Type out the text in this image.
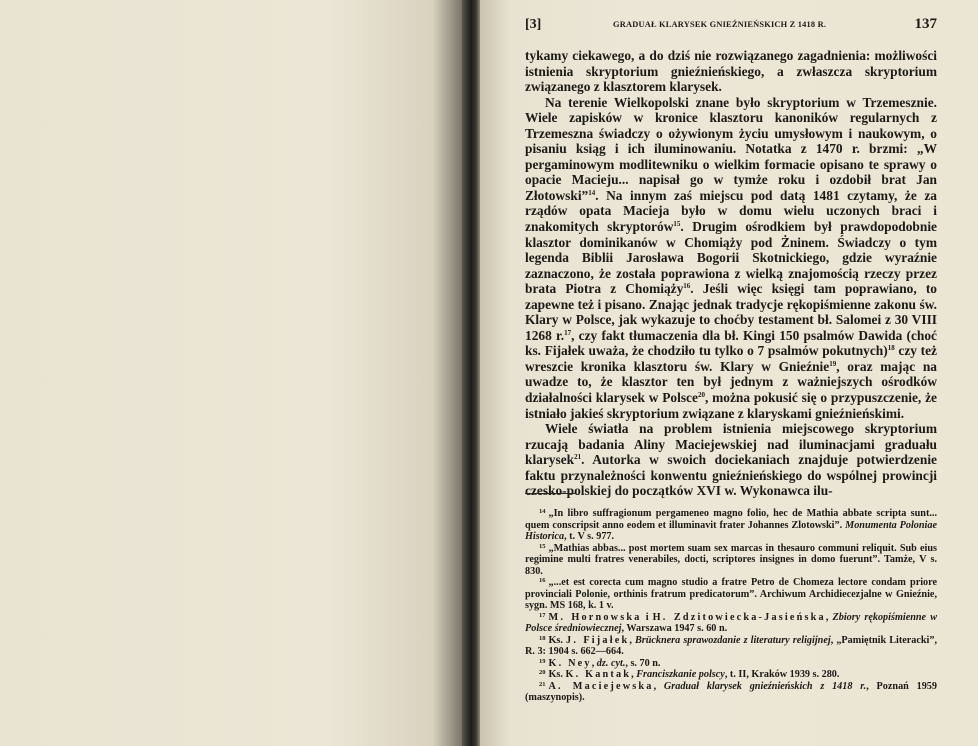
[3]	GRADUAŁ KLARYSEK GNIEŹNIEŃSKICH Z 1418 R.	137

tykamy ciekawego, a do dziś nie rozwiązanego zagadnienia: możliwości istnienia skryptorium gnieźnieńskiego, a zwłaszcza skryptorium związanego z klasztorem klarysek.

Na terenie Wielkopolski znane było skryptorium w Trzemesznie. Wiele zapisków w kronice klasztoru kanoników regularnych z Trzemeszna świadczy o ożywionym życiu umysłowym i naukowym, o pisaniu ksiąg i ich iluminowaniu. Notatka z 1470 r. brzmi: „W pergaminowym modlitewniku o wielkim formacie opisano te sprawy o opacie Macieju... napisał go w tymże roku i ozdobił brat Jan Złotowski”$^{14}$. Na innym zaś miejscu pod datą 1481 czytamy, że za rządów opata Macieja było w domu wielu uczonych braci i znakomitych skryptorów$^{15}$. Drugim ośrodkiem był prawdopodobnie klasztor dominikanów w Chomiąży pod Żninem. Świadczy o tym legenda Biblii Jarosława Bogorii Skotnickiego, gdzie wyraźnie zaznaczono, że została poprawiona z wielką znajomością rzeczy przez brata Piotra z Chomiąży$^{16}$. Jeśli więc księgi tam poprawiano, to zapewne też i pisano. Znając jednak tradycje rękopiśmienne zakonu św. Klary w Polsce, jak wykazuje to choćby testament bł. Salomei z 30 VIII 1268 r.$^{17}$, czy fakt tłumaczenia dla bł. Kingi 150 psalmów Dawida (choć ks. Fijałek uważa, że chodziło tu tylko o 7 psalmów pokutnych)$^{18}$ czy też wreszcie kronika klasztoru św. Klary w Gnieźnie$^{19}$, oraz mając na uwadze to, że klasztor ten był jednym z ważniejszych ośrodków działalności klarysek w Polsce$^{20}$, można pokusić się o przypuszczenie, że istniało jakieś skryptorium związane z klaryskami gnieźnieńskimi.

Wiele światła na problem istnienia miejscowego skryptorium rzucają badania Aliny Maciejewskiej nad iluminacjami graduału klarysek$^{21}$. Autorka w swoich dociekaniach znajduje potwierdzenie faktu przynależności konwentu gnieźnieńskiego do wspólnej prowincji czesko-polskiej do początków XVI w. Wykonawca ilu-

$^{14}$ „In libro suffragionum pergameneo magno folio, hec de Mathia abbate scripta sunt... quem conscripsit anno eodem et illuminavit frater Johannes Zlotowski”. Monumenta Poloniae Historica, t. V s. 977.

$^{15}$ „Mathias abbas... post mortem suam sex marcas in thesauro communi reliquit. Sub eius regimine multi fratres venerabiles, docti, scriptores insignes in domo fuerunt”. Tamże, V s. 830.

$^{16}$ „...et est corecta cum magno studio a fratre Petro de Chomeza lectore condam priore provinciali Polonie, orthinis fratrum predicatorum”. Archiwum Archidiecezjalne w Gnieźnie, sygn. MS 168, k. 1 v.

$^{17}$ M. Hornowska i H. Zdzitowiecka-Jasieńska, Zbiory rękopiśmienne w Polsce średniowiecznej, Warszawa 1947 s. 60 n.

$^{18}$ Ks. J. Fijałek, Brücknera sprawozdanie z literatury religijnej, „Pamiętnik Literacki”, R. 3: 1904 s. 662—664.

$^{19}$ K. Ney, dz. cyt., s. 70 n.

$^{20}$ Ks. K. Kantak, Franciszkanie polscy, t. II, Kraków 1939 s. 280.

$^{21}$ A. Maciejewska, Graduał klarysek gnieźnieńskich z 1418 r., Poznań 1959 (maszynopis).
